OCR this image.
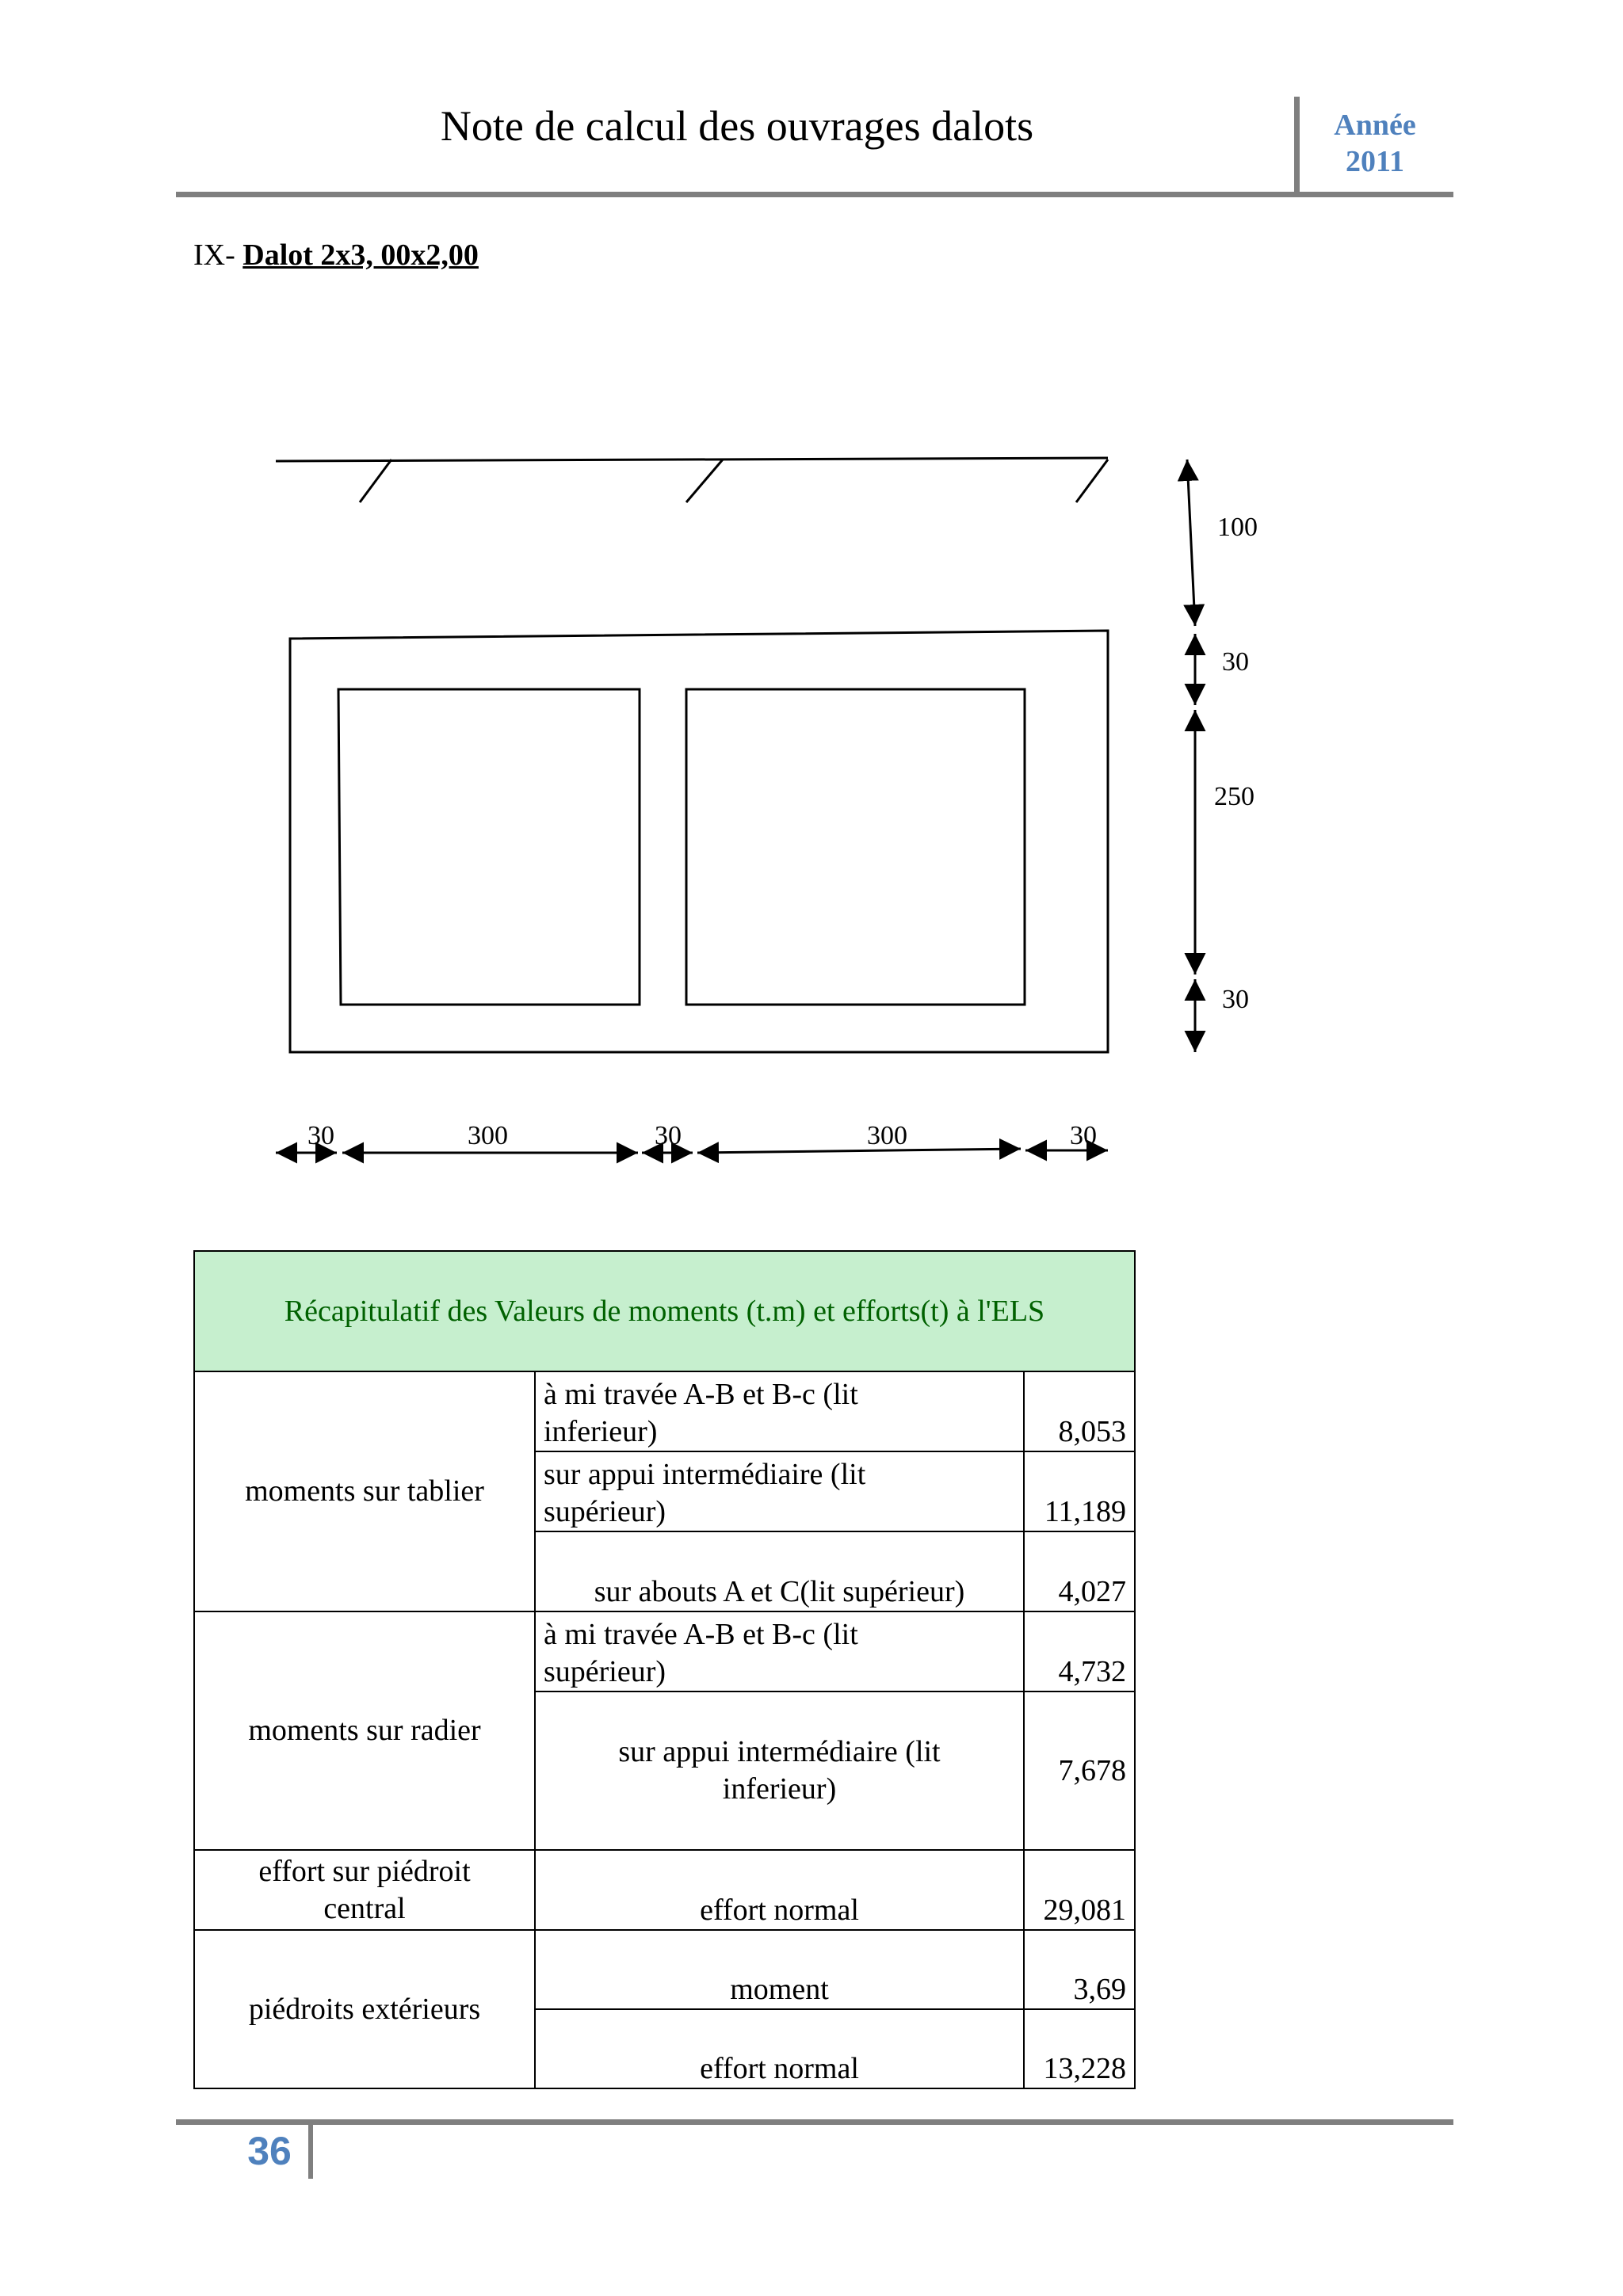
Note de calcul des ouvrages dalots	Année
2011
IX- Dalot 2x3, 00x2,00
100
30
250
30
30	300	30	300	30
Récapitulatif des Valeurs de moments (t.m) et efforts(t) à l'ELS		
moments sur tablier	à mi travée A-B et B-c (lit
inferieur)	8,053

	sur appui intermédiaire (lit
supérieur)	11,189
	sur abouts A et C(lit supérieur)	4,027
moments sur radier	à mi travée A-B et B-c (lit
supérieur)	4,732

	sur appui intermédiaire (lit
inferieur)	7,678

effort sur piédroit
central	effort normal	29,081
piédroits extérieurs	moment	3,69
	effort normal	13,228
36
